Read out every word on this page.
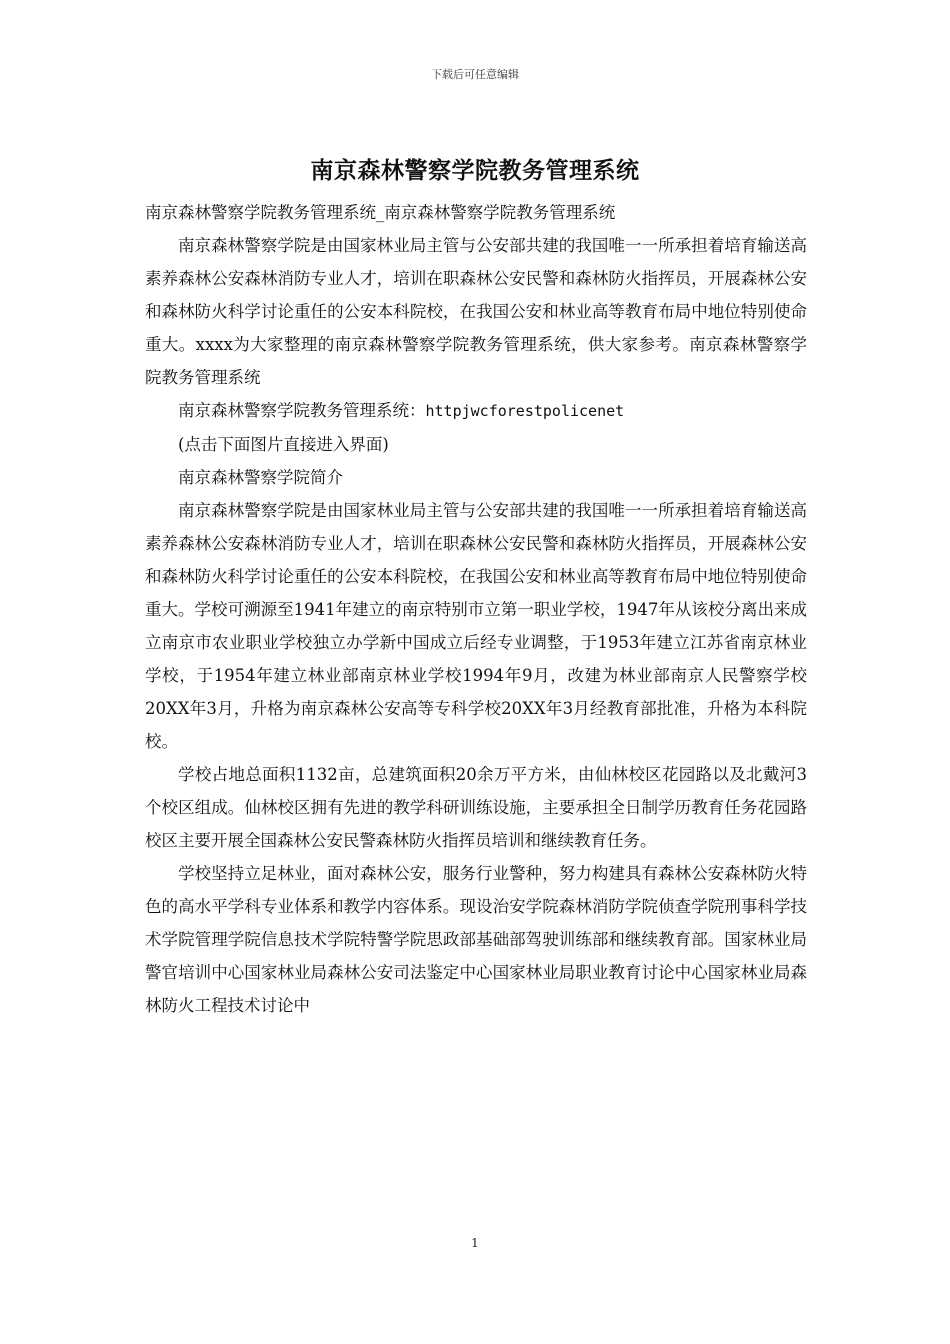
下载后可任意编辑
南京森林警察学院教务管理系统

南京森林警察学院教务管理系统_南京森林警察学院教务管理系统

南京森林警察学院是由国家林业局主管与公安部共建的我国唯一一所承担着培育输送高素养森林公安森林消防专业人才，培训在职森林公安民警和森林防火指挥员，开展森林公安和森林防火科学讨论重任的公安本科院校，在我国公安和林业高等教育布局中地位特别使命重大。xxxx为大家整理的南京森林警察学院教务管理系统，供大家参考。南京森林警察学院教务管理系统

南京森林警察学院教务管理系统：httpjwcforestpolicenet

(点击下面图片直接进入界面)

南京森林警察学院简介

南京森林警察学院是由国家林业局主管与公安部共建的我国唯一一所承担着培育输送高素养森林公安森林消防专业人才，培训在职森林公安民警和森林防火指挥员，开展森林公安和森林防火科学讨论重任的公安本科院校，在我国公安和林业高等教育布局中地位特别使命重大。学校可溯源至1941年建立的南京特别市立第一职业学校，1947年从该校分离出来成立南京市农业职业学校独立办学新中国成立后经专业调整，于1953年建立江苏省南京林业学校，于1954年建立林业部南京林业学校1994年9月，改建为林业部南京人民警察学校20XX年3月，升格为南京森林公安高等专科学校20XX年3月经教育部批准，升格为本科院校。

学校占地总面积1132亩，总建筑面积20余万平方米，由仙林校区花园路以及北戴河3个校区组成。仙林校区拥有先进的教学科研训练设施，主要承担全日制学历教育任务花园路校区主要开展全国森林公安民警森林防火指挥员培训和继续教育任务。

学校坚持立足林业，面对森林公安，服务行业警种，努力构建具有森林公安森林防火特色的高水平学科专业体系和教学内容体系。现设治安学院森林消防学院侦查学院刑事科学技术学院管理学院信息技术学院特警学院思政部基础部驾驶训练部和继续教育部。国家林业局警官培训中心国家林业局森林公安司法鉴定中心国家林业局职业教育讨论中心国家林业局森林防火工程技术讨论中

1
